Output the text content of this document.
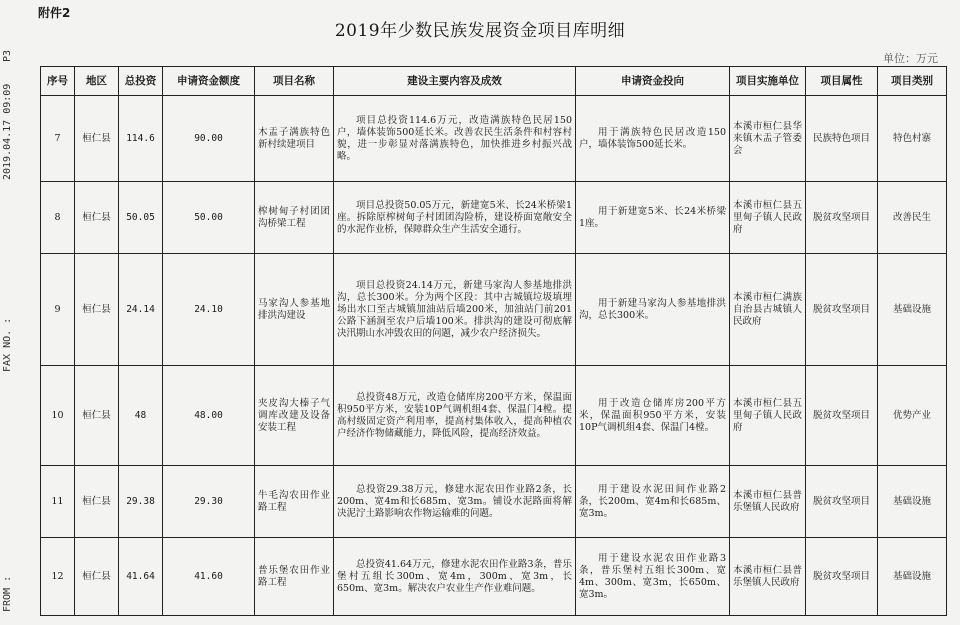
P3
2019.04.17 09:09
FAX NO. :
FROM :
附件2
2019年少数民族发展资金项目库明细
单位：万元
序号	地区	总投资	申请资金额度	项目名称	建设主要内容及成效	申请资金投向	项目实施单位	项目属性	项目类别
7	桓仁县	114.6	90.00	木盂子满族特色新村续建项目	项目总投资114.6万元，改造满族特色民居150户，墙体装饰500延长米。改善农民生活条件和村容村貌，进一步彰显对落满族特色，加快推进乡村振兴战略。	用于满族特色民居改造150户，墙体装饰500延长米。	本溪市桓仁县华来镇木盂子管委会	民族特色项目	特色村寨
8	桓仁县	50.05	50.00	榨树甸子村团团沟桥梁工程	项目总投资50.05万元，新建宽5米、长24米桥梁1座。拆除原榨树甸子村团团沟险桥，建设桥面宽敞安全的水泥作业桥，保障群众生产生活安全通行。	用于新建宽5米、长24米桥梁1座。	本溪市桓仁县五里甸子镇人民政府	脱贫攻坚项目	改善民生
9	桓仁县	24.14	24.10	马家沟人参基地排洪沟建设	项目总投资24.14万元，新建马家沟人参基地排洪沟，总长300米。分为两个区段：其中古城镇垃圾填埋场出水口至古城镇加油站后墙200米，加油站门前201公路下涵洞至农户后墙100米。排洪沟的建设可彻底解决汛期山水冲毁农田的问题，减少农户经济损失。	用于新建马家沟人参基地排洪沟，总长300米。	本溪市桓仁满族自治县古城镇人民政府	脱贫攻坚项目	基础设施
10	桓仁县	48	48.00	夹皮沟大榛子气调库改建及设备安装工程	总投资48万元，改造仓储库房200平方米，保温面积950平方米，安装10P气调机组4套、保温门4樘。提高村级固定资产利用率，提高村集体收入，提高种植农户经济作物储藏能力，降低风险，提高经济效益。	用于改造仓储库房200平方米，保温面积950平方米，安装10P气调机组4套、保温门4樘。	本溪市桓仁县五里甸子镇人民政府	脱贫攻坚项目	优势产业
11	桓仁县	29.38	29.30	牛毛沟农田作业路工程	总投资29.38万元，修建水泥农田作业路2条，长200m、宽4m和长685m、宽3m。铺设水泥路面将解决泥泞土路影响农作物运输难的问题。	用于建设水泥田间作业路2条，长200m、宽4m和长685m、宽3m。	本溪市桓仁县普乐堡镇人民政府	脱贫攻坚项目	基础设施
12	桓仁县	41.64	41.60	普乐堡农田作业路工程	总投资41.64万元，修建水泥农田作业路3条，普乐堡村五组长300m、宽4m，300m、宽3m，长650m、宽3m。解决农户农业生产作业难问题。	用于建设水泥农田作业路3条，普乐堡村五组长300m、宽4m、300m、宽3m，长650m、宽3m。	本溪市桓仁县普乐堡镇人民政府	脱贫攻坚项目	基础设施
